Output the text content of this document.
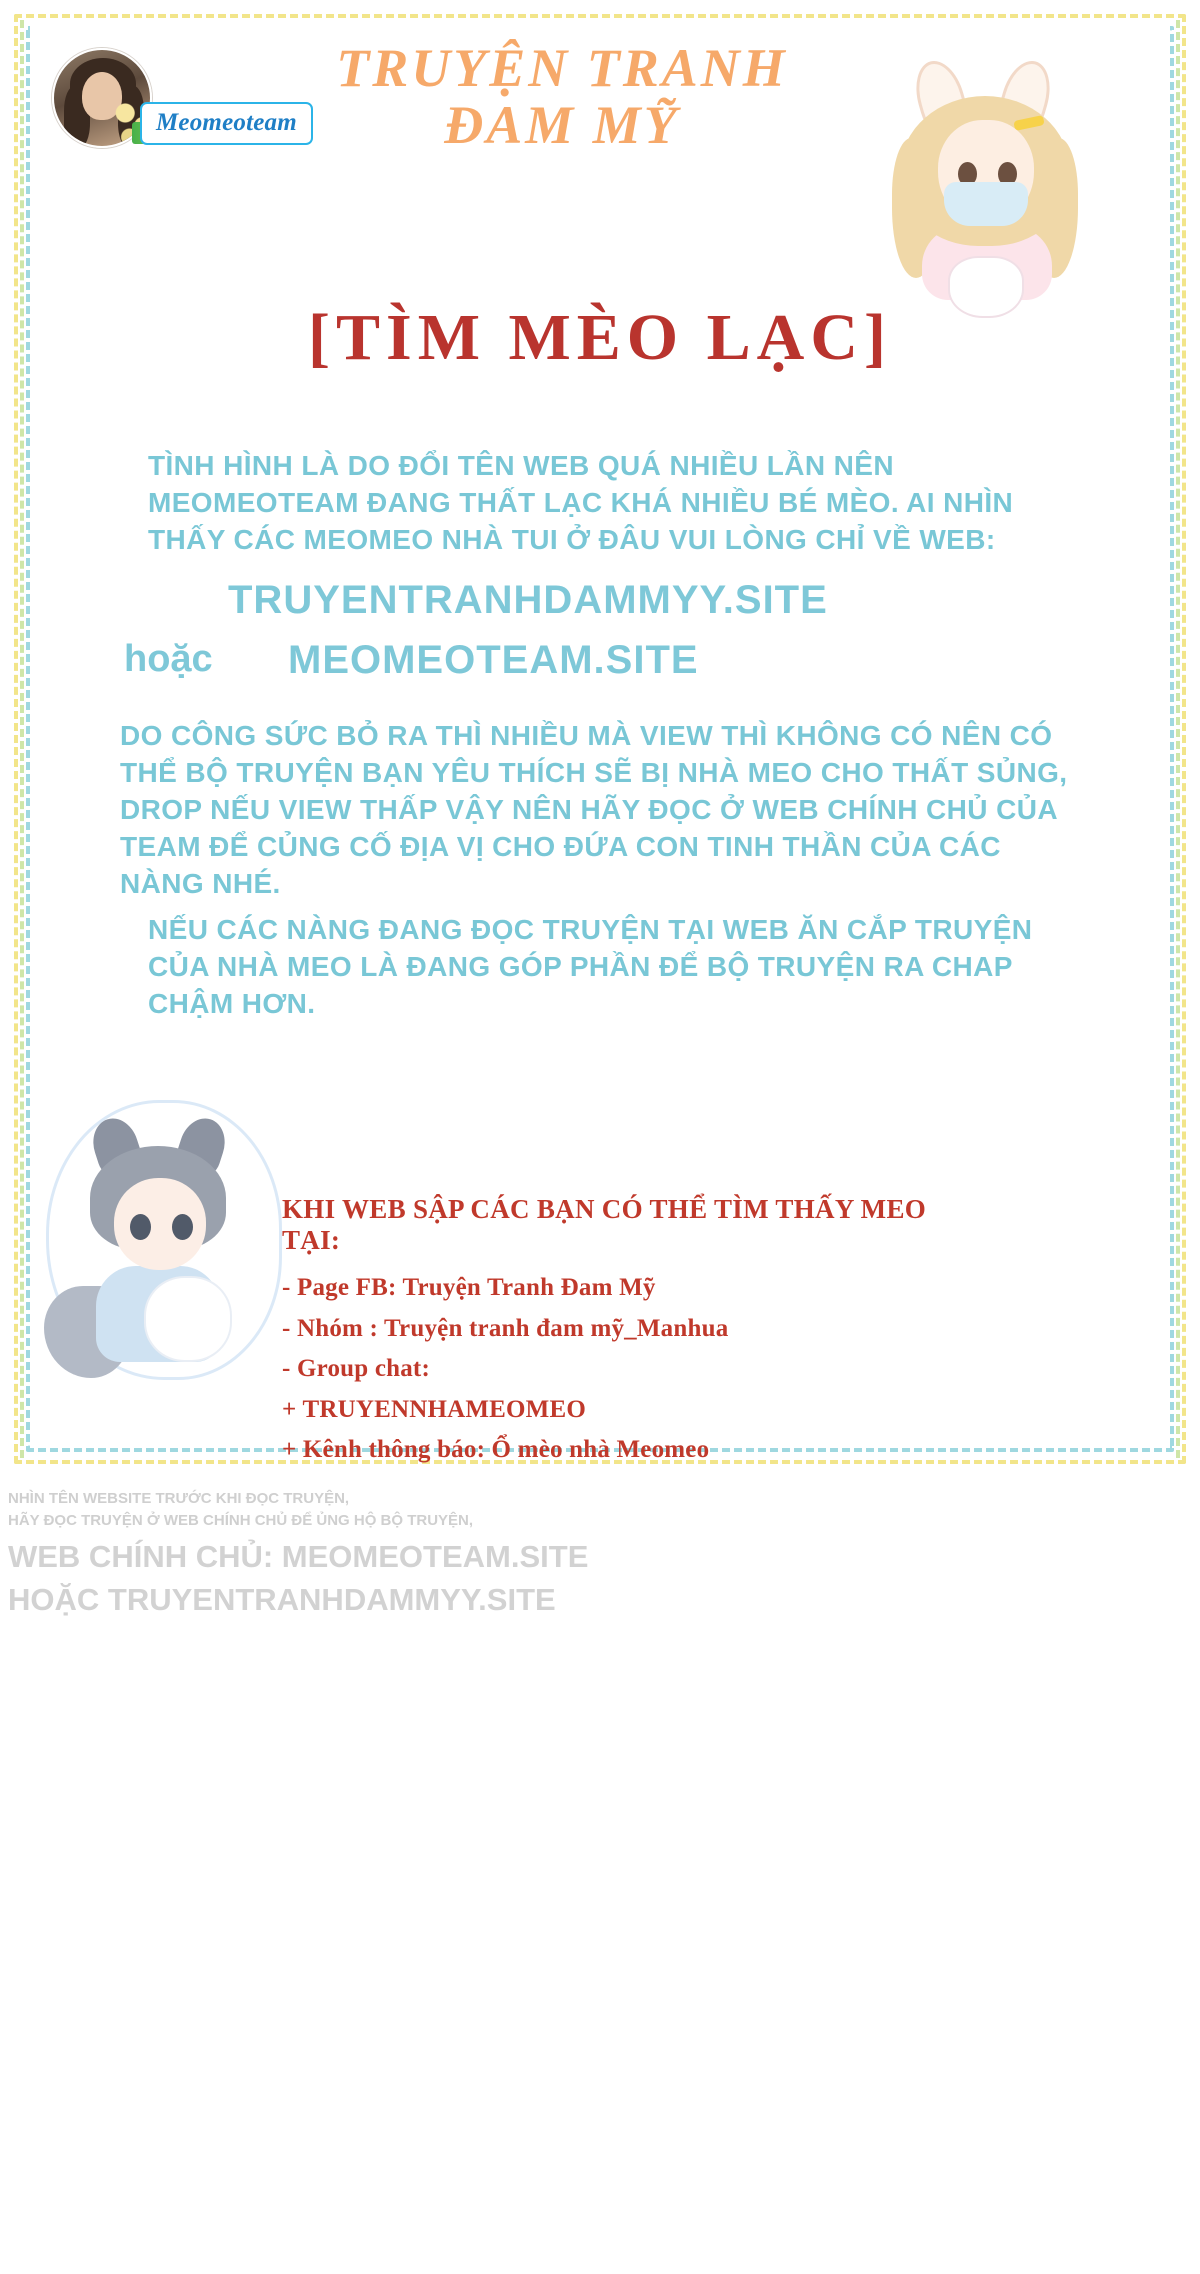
Meomeoteam
TRUYỆN TRANH
ĐAM MỸ
[TÌM MÈO LẠC]
TÌNH HÌNH LÀ DO ĐỔI TÊN WEB QUÁ NHIỀU LẦN NÊN MEOMEOTEAM ĐANG THẤT LẠC KHÁ NHIỀU BÉ MÈO. AI NHÌN THẤY CÁC MEOMEO NHÀ TUI Ở ĐÂU VUI LÒNG CHỈ VỀ WEB:
TRUYENTRANHDAMMYY.SITE
hoặc MEOMEOTEAM.SITE
DO CÔNG SỨC BỎ RA THÌ NHIỀU MÀ VIEW THÌ KHÔNG CÓ NÊN CÓ THỂ BỘ TRUYỆN BẠN YÊU THÍCH SẼ BỊ NHÀ MEO CHO THẤT SỦNG, DROP NẾU VIEW THẤP VẬY NÊN HÃY ĐỌC Ở WEB CHÍNH CHỦ CỦA TEAM ĐỂ CỦNG CỐ ĐỊA VỊ CHO ĐỨA CON TINH THẦN CỦA CÁC NÀNG NHÉ.
NẾU CÁC NÀNG ĐANG ĐỌC TRUYỆN TẠI WEB ĂN CẮP TRUYỆN CỦA NHÀ MEO LÀ ĐANG GÓP PHẦN ĐỂ BỘ TRUYỆN RA CHAP CHẬM HƠN.
KHI WEB SẬP CÁC BẠN CÓ THỂ TÌM THẤY MEO TẠI:
- Page FB: Truyện Tranh Đam Mỹ
- Nhóm : Truyện tranh đam mỹ_Manhua
- Group chat:
+ TRUYENNHAMEOMEO
+ Kênh thông báo: Ổ mèo nhà Meomeo
NHÌN TÊN WEBSITE TRƯỚC KHI ĐỌC TRUYỆN,
HÃY ĐỌC TRUYỆN Ở WEB CHÍNH CHỦ ĐỂ ỦNG HỘ BỘ TRUYỆN,
WEB CHÍNH CHỦ: MEOMEOTEAM.SITE
HOẶC TRUYENTRANHDAMMYY.SITE
